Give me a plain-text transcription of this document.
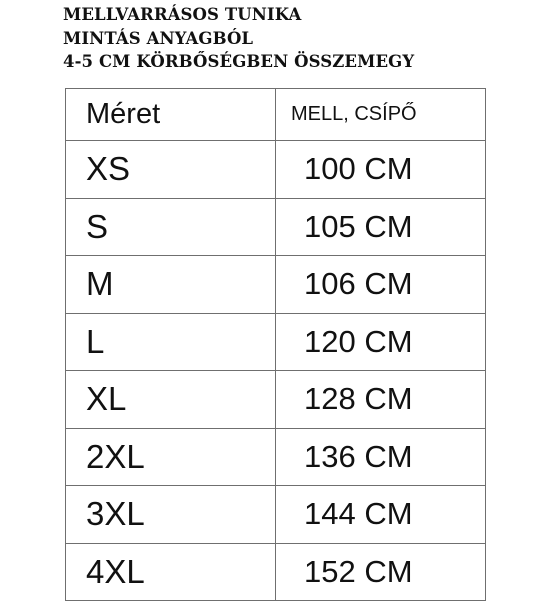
MELLVARRÁSOS TUNIKA
MINTÁS ANYAGBÓL
4-5 CM KÖRBŐSÉGBEN ÖSSZEMEGY
Méret	MELL, CSÍPŐ
XS	100 CM
S	105 CM
M	106 CM
L	120 CM
XL	128 CM
2XL	136 CM
3XL	144 CM
4XL	152 CM
